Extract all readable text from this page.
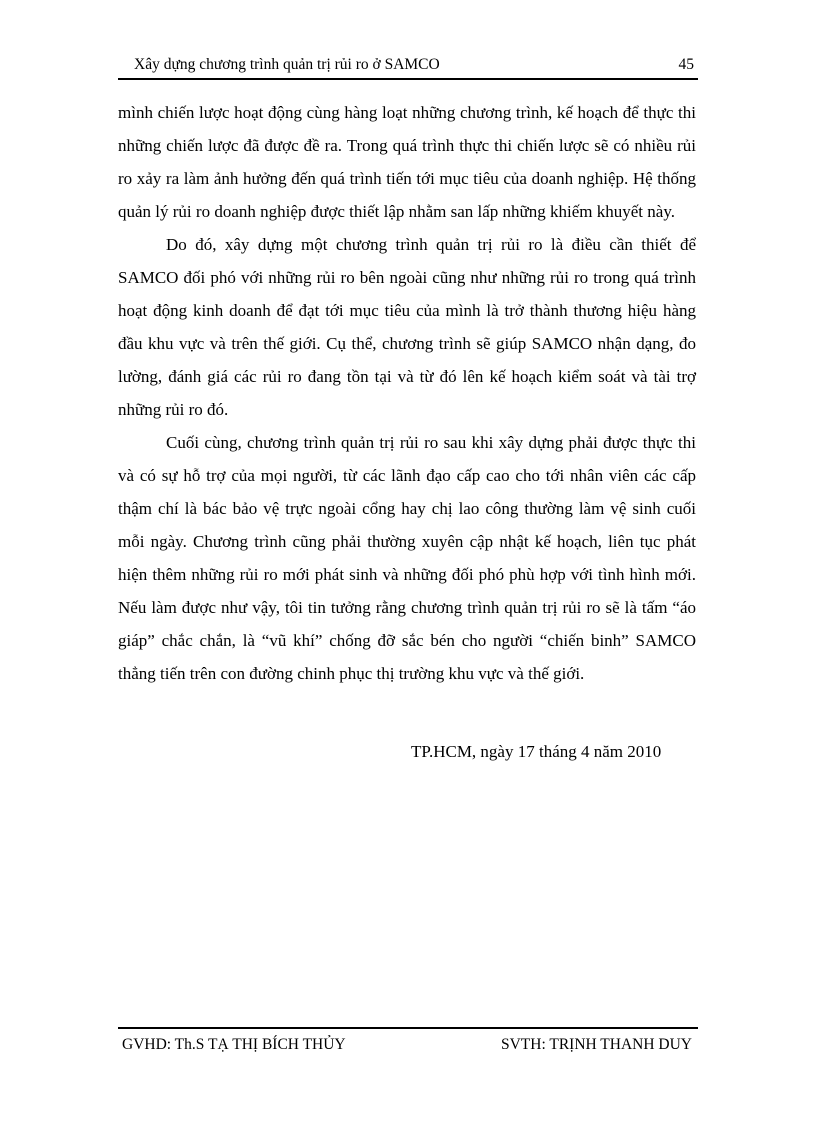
Xây dựng chương trình quản trị rủi ro ở SAMCO	45

mình chiến lược hoạt động cùng hàng loạt những chương trình, kế hoạch để thực thi những chiến lược đã được đề ra. Trong quá trình thực thi chiến lược sẽ có nhiều rủi ro xảy ra làm ảnh hưởng đến quá trình tiến tới mục tiêu của doanh nghiệp. Hệ thống quản lý rủi ro doanh nghiệp được thiết lập nhằm san lấp những khiếm khuyết này.

Do đó, xây dựng một chương trình quản trị rủi ro là điều cần thiết để SAMCO đối phó với những rủi ro bên ngoài cũng như những rủi ro trong quá trình hoạt động kinh doanh để đạt tới mục tiêu của mình là trở thành thương hiệu hàng đầu khu vực và trên thế giới. Cụ thể, chương trình sẽ giúp SAMCO nhận dạng, đo lường, đánh giá các rủi ro đang tồn tại và từ đó lên kế hoạch kiểm soát và tài trợ những rủi ro đó.

Cuối cùng, chương trình quản trị rủi ro sau khi xây dựng phải được thực thi và có sự hỗ trợ của mọi người, từ các lãnh đạo cấp cao cho tới nhân viên các cấp thậm chí là bác bảo vệ trực ngoài cổng hay chị lao công thường làm vệ sinh cuối mỗi ngày. Chương trình cũng phải thường xuyên cập nhật kế hoạch, liên tục phát hiện thêm những rủi ro mới phát sinh và những đối phó phù hợp với tình hình mới. Nếu làm được như vậy, tôi tin tưởng rằng chương trình quản trị rủi ro sẽ là tấm “áo giáp” chắc chắn, là “vũ khí” chống đỡ sắc bén cho người “chiến binh” SAMCO thẳng tiến trên con đường chinh phục thị trường khu vực và thế giới.

TP.HCM, ngày 17 tháng 4 năm 2010
GVHD: Th.S TẠ THỊ BÍCH THỦY	SVTH: TRỊNH THANH DUY
